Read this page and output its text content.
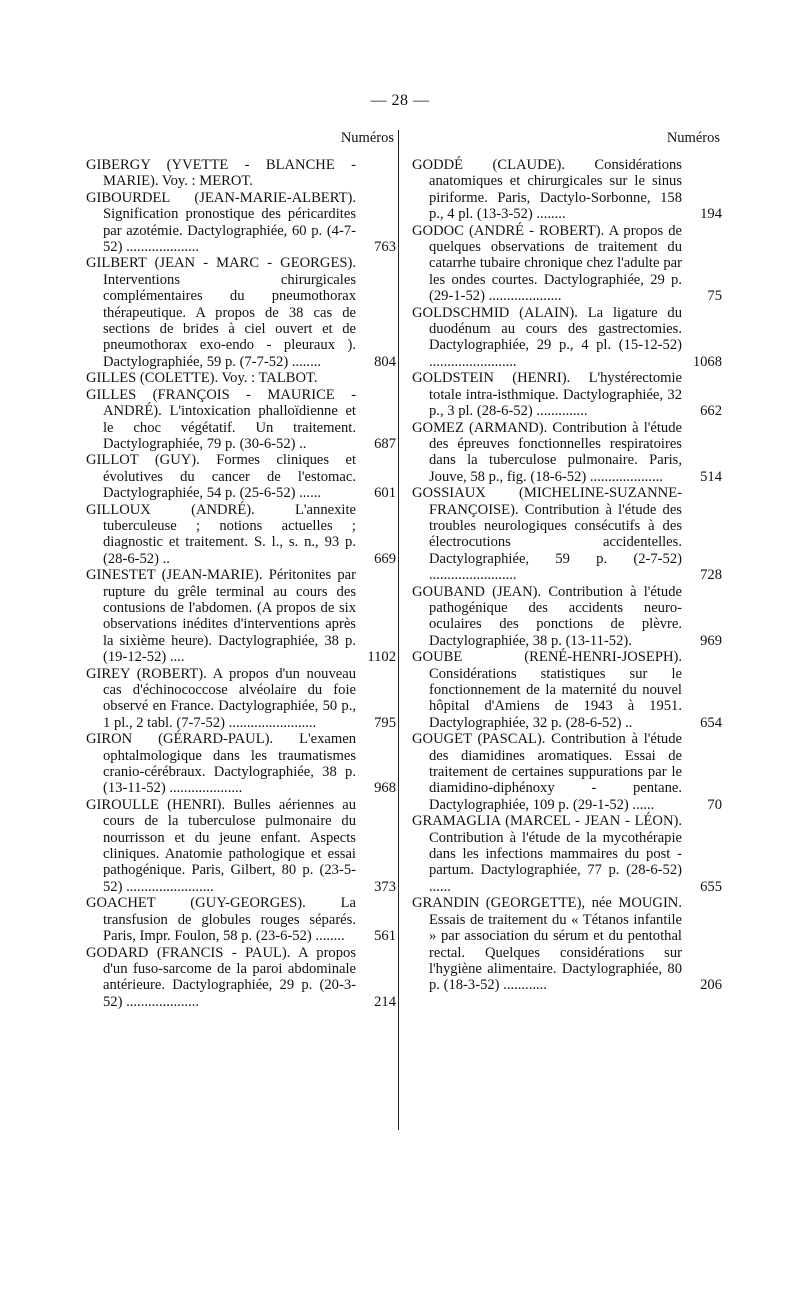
— 28 —
Numéros
GIBERGY (YVETTE - BLANCHE - MARIE). Voy. : MEROT.
GIBOURDEL (JEAN-MARIE-ALBERT). Signification pronostique des péricardites par azotémie. Dactylographiée, 60 p. (4-7-52) ....................	763
GILBERT (JEAN - MARC - GEORGES). Interventions chirurgicales complémentaires du pneumothorax thérapeutique. A propos de 38 cas de sections de brides à ciel ouvert et de pneumothorax exo-endo - pleuraux ). Dactylographiée, 59 p. (7-7-52) ........	804
GILLES (COLETTE). Voy. : TALBOT.
GILLES (FRANÇOIS - MAURICE - ANDRÉ). L'intoxication phalloïdienne et le choc végétatif. Un traitement. Dactylographiée, 79 p. (30-6-52) ..	687
GILLOT (GUY). Formes cliniques et évolutives du cancer de l'estomac. Dactylographiée, 54 p. (25-6-52) ......	601
GILLOUX (ANDRÉ). L'annexite tuberculeuse ; notions actuelles ; diagnostic et traitement. S. l., s. n., 93 p. (28-6-52) ..	669
GINESTET (JEAN-MARIE). Péritonites par rupture du grêle terminal au cours des contusions de l'abdomen. (A propos de six observations inédites d'interventions après la sixième heure). Dactylographiée, 38 p. (19-12-52) ....	1102
GIREY (ROBERT). A propos d'un nouveau cas d'échinococcose alvéolaire du foie observé en France. Dactylographiée, 50 p., 1 pl., 2 tabl. (7-7-52) ........................	795
GIRON (GÉRARD-PAUL). L'examen ophtalmologique dans les traumatismes cranio-cérébraux. Dactylographiée, 38 p. (13-11-52) ....................	968
GIROULLE (HENRI). Bulles aériennes au cours de la tuberculose pulmonaire du nourrisson et du jeune enfant. Aspects cliniques. Anatomie pathologique et essai pathogénique. Paris, Gilbert, 80 p. (23-5-52) ........................	373
GOACHET (GUY-GEORGES). La transfusion de globules rouges séparés. Paris, Impr. Foulon, 58 p. (23-6-52) ........	561
GODARD (FRANCIS - PAUL). A propos d'un fuso-sarcome de la paroi abdominale antérieure. Dactylographiée, 29 p. (20-3-52) ....................	214
Numéros
GODDÉ (CLAUDE). Considérations anatomiques et chirurgicales sur le sinus piriforme. Paris, Dactylo-Sorbonne, 158 p., 4 pl. (13-3-52) ........	194
GODOC (ANDRÉ - ROBERT). A propos de quelques observations de traitement du catarrhe tubaire chronique chez l'adulte par les ondes courtes. Dactylographiée, 29 p. (29-1-52) ....................	75
GOLDSCHMID (ALAIN). La ligature du duodénum au cours des gastrectomies. Dactylographiée, 29 p., 4 pl. (15-12-52) ........................	1068
GOLDSTEIN (HENRI). L'hystérectomie totale intra-isthmique. Dactylographiée, 32 p., 3 pl. (28-6-52) ..............	662
GOMEZ (ARMAND). Contribution à l'étude des épreuves fonctionnelles respiratoires dans la tuberculose pulmonaire. Paris, Jouve, 58 p., fig. (18-6-52) ....................	514
GOSSIAUX (MICHELINE-SUZANNE-FRANÇOISE). Contribution à l'étude des troubles neurologiques consécutifs à des électrocutions accidentelles. Dactylographiée, 59 p. (2-7-52) ........................	728
GOUBAND (JEAN). Contribution à l'étude pathogénique des accidents neuro-oculaires des ponctions de plèvre. Dactylographiée, 38 p. (13-11-52).	969
GOUBE (RENÉ-HENRI-JOSEPH). Considérations statistiques sur le fonctionnement de la maternité du nouvel hôpital d'Amiens de 1943 à 1951. Dactylographiée, 32 p. (28-6-52) ..	654
GOUGET (PASCAL). Contribution à l'étude des diamidines aromatiques. Essai de traitement de certaines suppurations par le diamidino-diphénoxy - pentane. Dactylographiée, 109 p. (29-1-52) ......	70
GRAMAGLIA (MARCEL - JEAN - LÉON). Contribution à l'étude de la mycothérapie dans les infections mammaires du post - partum. Dactylographiée, 77 p. (28-6-52) ......	655
GRANDIN (GEORGETTE), née MOUGIN. Essais de traitement du « Tétanos infantile » par association du sérum et du pentothal rectal. Quelques considérations sur l'hygiène alimentaire. Dactylographiée, 80 p. (18-3-52) ............	206
